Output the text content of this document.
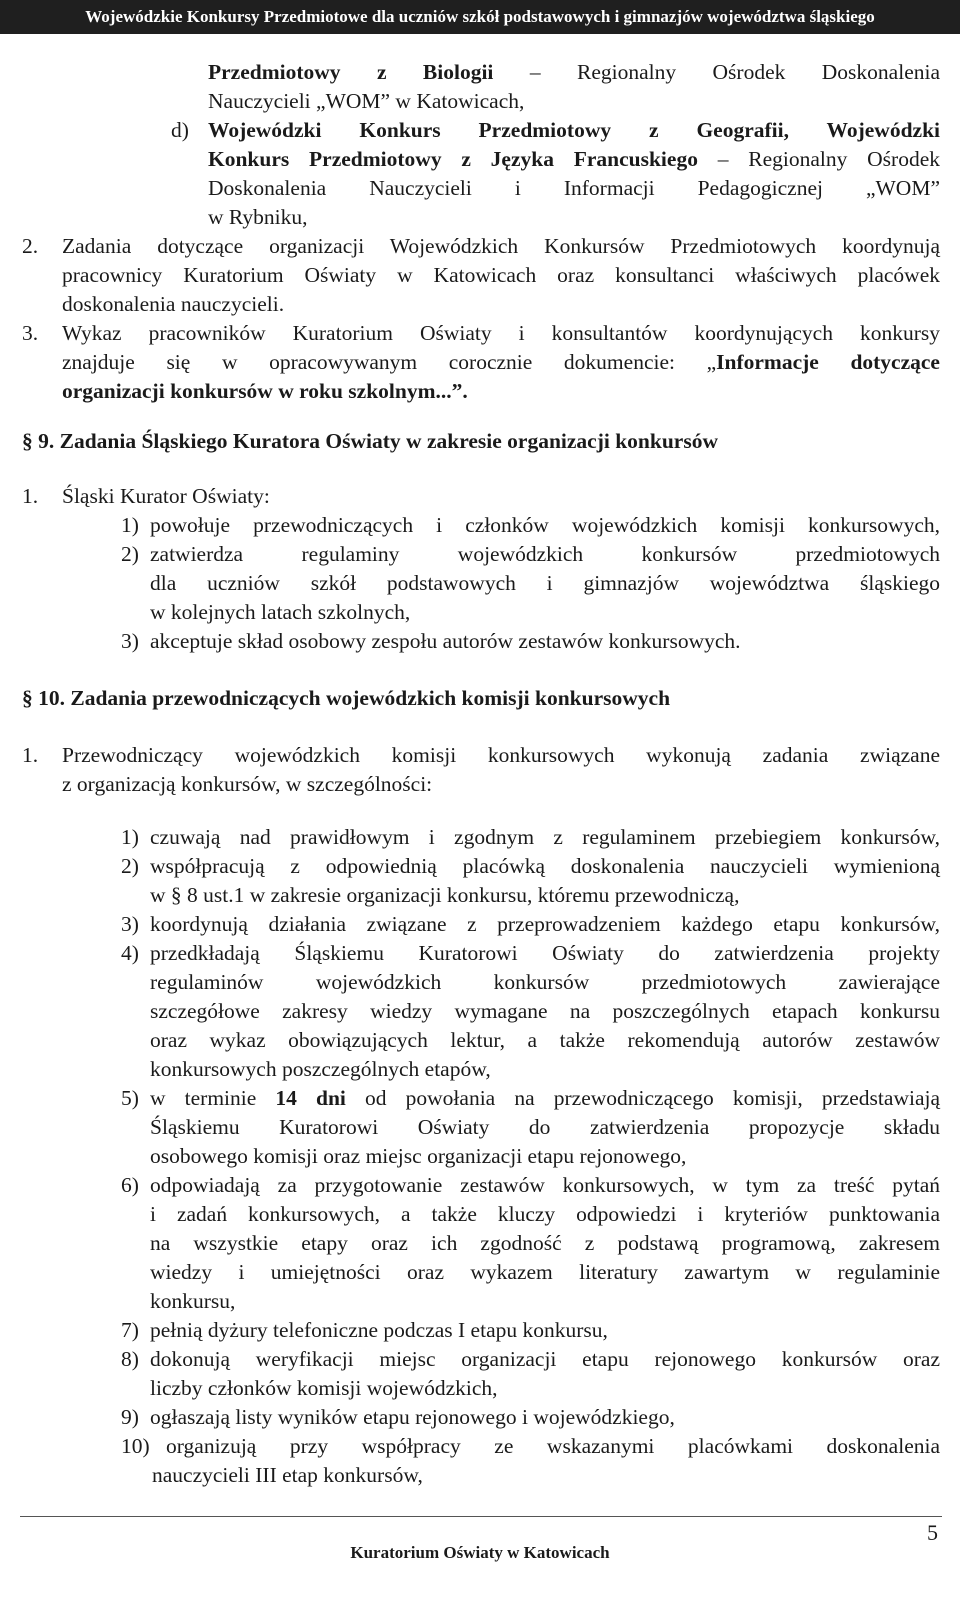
Wojewódzkie Konkursy Przedmiotowe dla uczniów szkół podstawowych i gimnazjów województwa śląskiego
Przedmiotowy z Biologii – Regionalny Ośrodek Doskonalenia
Nauczycieli „WOM” w Katowicach,
d) Wojewódzki Konkurs Przedmiotowy z Geografii, Wojewódzki
Konkurs Przedmiotowy z Języka Francuskiego – Regionalny Ośrodek
Doskonalenia Nauczycieli i Informacji Pedagogicznej „WOM”
w Rybniku,
2. Zadania dotyczące organizacji Wojewódzkich Konkursów Przedmiotowych koordynują
pracownicy Kuratorium Oświaty w Katowicach oraz konsultanci właściwych placówek
doskonalenia nauczycieli.
3. Wykaz pracowników Kuratorium Oświaty i konsultantów koordynujących konkursy
znajduje się w opracowywanym corocznie dokumencie: „Informacje dotyczące
organizacji konkursów w roku szkolnym...”.
§ 9. Zadania Śląskiego Kuratora Oświaty w zakresie organizacji konkursów
1. Śląski Kurator Oświaty:
1) powołuje przewodniczących i członków wojewódzkich komisji konkursowych,
2) zatwierdza regulaminy wojewódzkich konkursów przedmiotowych
dla uczniów szkół podstawowych i gimnazjów województwa śląskiego
w kolejnych latach szkolnych,
3) akceptuje skład osobowy zespołu autorów zestawów konkursowych.
§ 10. Zadania przewodniczących wojewódzkich komisji konkursowych
1. Przewodniczący wojewódzkich komisji konkursowych wykonują zadania związane
z organizacją konkursów, w szczególności:
1) czuwają nad prawidłowym i zgodnym z regulaminem przebiegiem konkursów,
2) współpracują z odpowiednią placówką doskonalenia nauczycieli wymienioną
w § 8 ust.1 w zakresie organizacji konkursu, któremu przewodniczą,
3) koordynują działania związane z przeprowadzeniem każdego etapu konkursów,
4) przedkładają Śląskiemu Kuratorowi Oświaty do zatwierdzenia projekty
regulaminów wojewódzkich konkursów przedmiotowych zawierające
szczegółowe zakresy wiedzy wymagane na poszczególnych etapach konkursu
oraz wykaz obowiązujących lektur, a także rekomendują autorów zestawów
konkursowych poszczególnych etapów,
5) w terminie 14 dni od powołania na przewodniczącego komisji, przedstawiają
Śląskiemu Kuratorowi Oświaty do zatwierdzenia propozycje składu
osobowego komisji oraz miejsc organizacji etapu rejonowego,
6) odpowiadają za przygotowanie zestawów konkursowych, w tym za treść pytań
i zadań konkursowych, a także kluczy odpowiedzi i kryteriów punktowania
na wszystkie etapy oraz ich zgodność z podstawą programową, zakresem
wiedzy i umiejętności oraz wykazem literatury zawartym w regulaminie
konkursu,
7) pełnią dyżury telefoniczne podczas I etapu konkursu,
8) dokonują weryfikacji miejsc organizacji etapu rejonowego konkursów oraz
liczby członków komisji wojewódzkich,
9) ogłaszają listy wyników etapu rejonowego i wojewódzkiego,
10) organizują przy współpracy ze wskazanymi placówkami doskonalenia
nauczycieli III etap konkursów,
5
Kuratorium Oświaty w Katowicach
